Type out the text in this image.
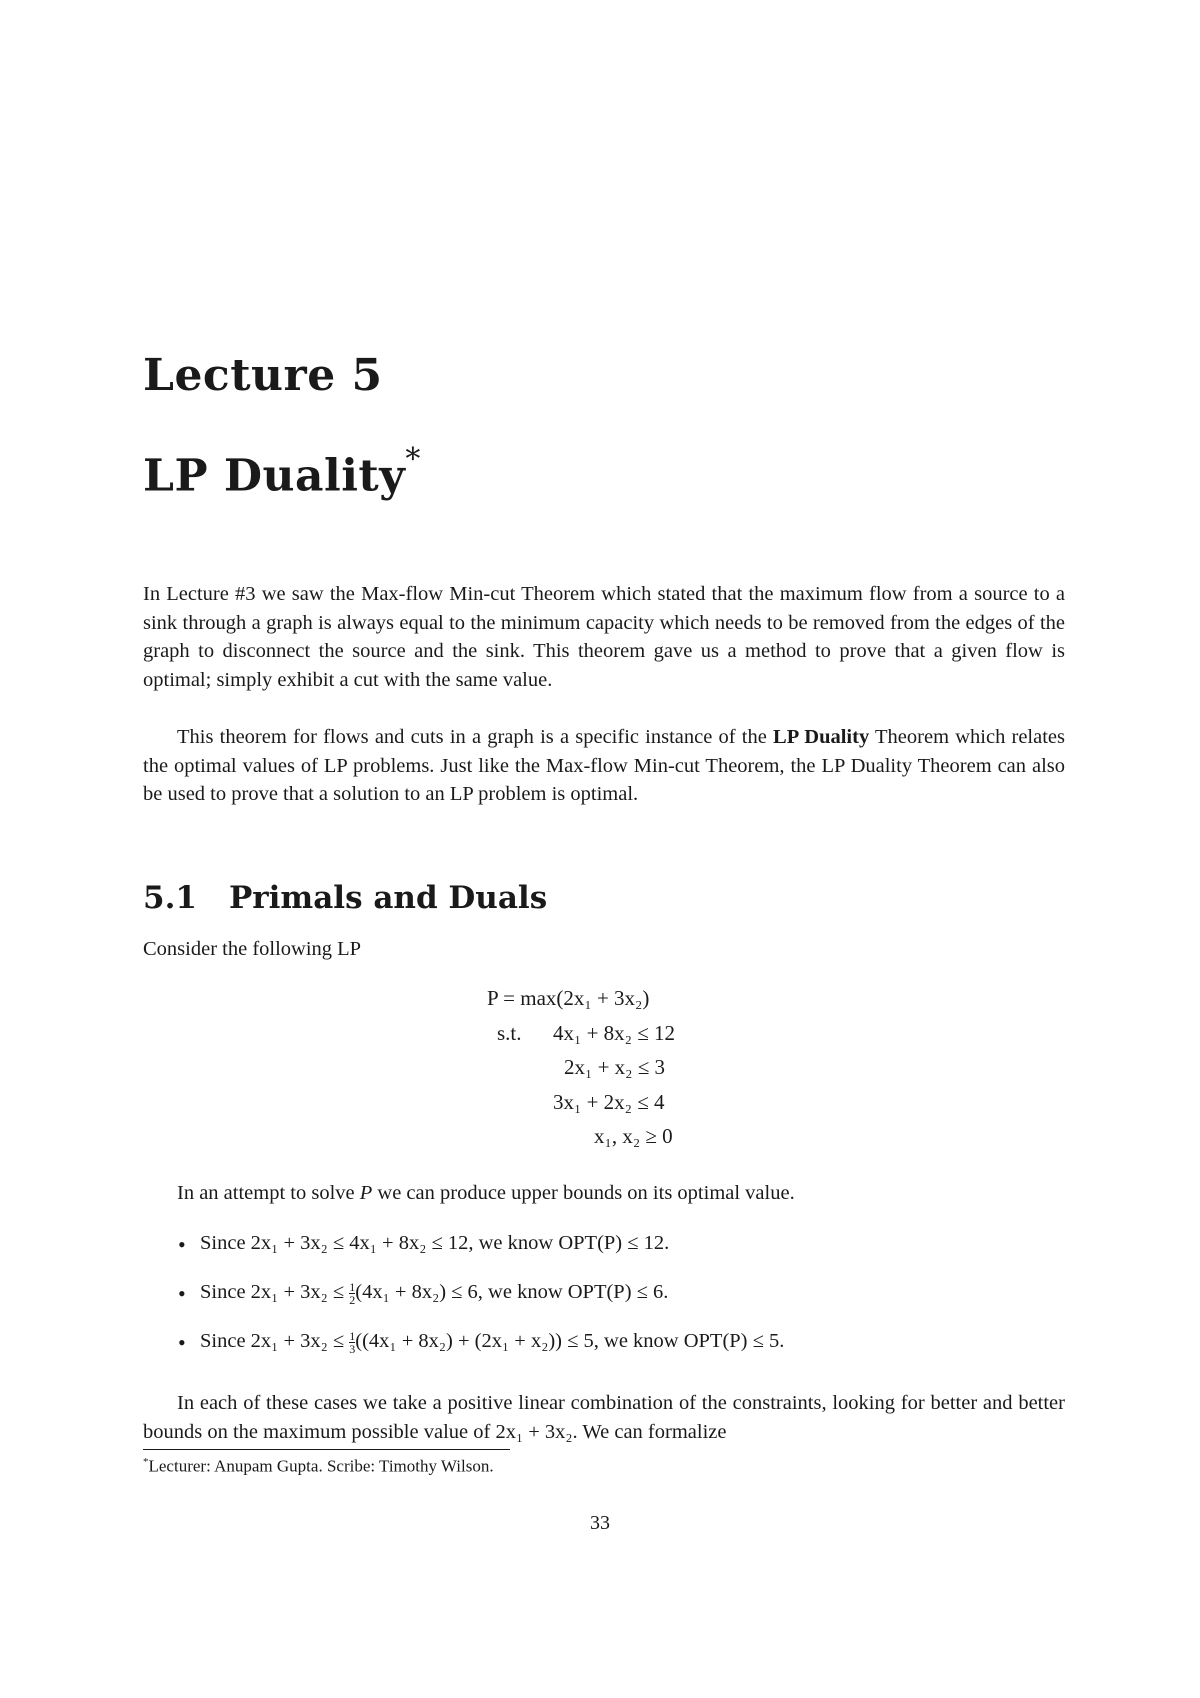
Lecture 5
LP Duality*
In Lecture #3 we saw the Max-flow Min-cut Theorem which stated that the maximum flow from a source to a sink through a graph is always equal to the minimum capacity which needs to be removed from the edges of the graph to disconnect the source and the sink. This theorem gave us a method to prove that a given flow is optimal; simply exhibit a cut with the same value.
This theorem for flows and cuts in a graph is a specific instance of the LP Duality Theorem which relates the optimal values of LP problems. Just like the Max-flow Min-cut Theorem, the LP Duality Theorem can also be used to prove that a solution to an LP problem is optimal.
5.1 Primals and Duals
Consider the following LP
P = max(2x₁ + 3x₂)
s.t. 4x₁ + 8x₂ ≤ 12
2x₁ + x₂ ≤ 3
3x₁ + 2x₂ ≤ 4
x₁, x₂ ≥ 0
In an attempt to solve P we can produce upper bounds on its optimal value.
• Since 2x₁ + 3x₂ ≤ 4x₁ + 8x₂ ≤ 12, we know OPT(P) ≤ 12.
• Since $2x_1 + 3x_2 \le \frac{1}{2} (4x_1 + 8x_2) \le 6$, we know OPT(P) ≤ 6.
• Since $2x_1 + 3x_2 \le \frac{1}{3} ((4x_1 + 8x_2) + (2x_1 + x_2)) \le 5$, we know OPT(P) ≤ 5.
In each of these cases we take a positive linear combination of the constraints, looking for better and better bounds on the maximum possible value of 2x₁ + 3x₂. We can formalize
*Lecturer: Anupam Gupta. Scribe: Timothy Wilson.
33
